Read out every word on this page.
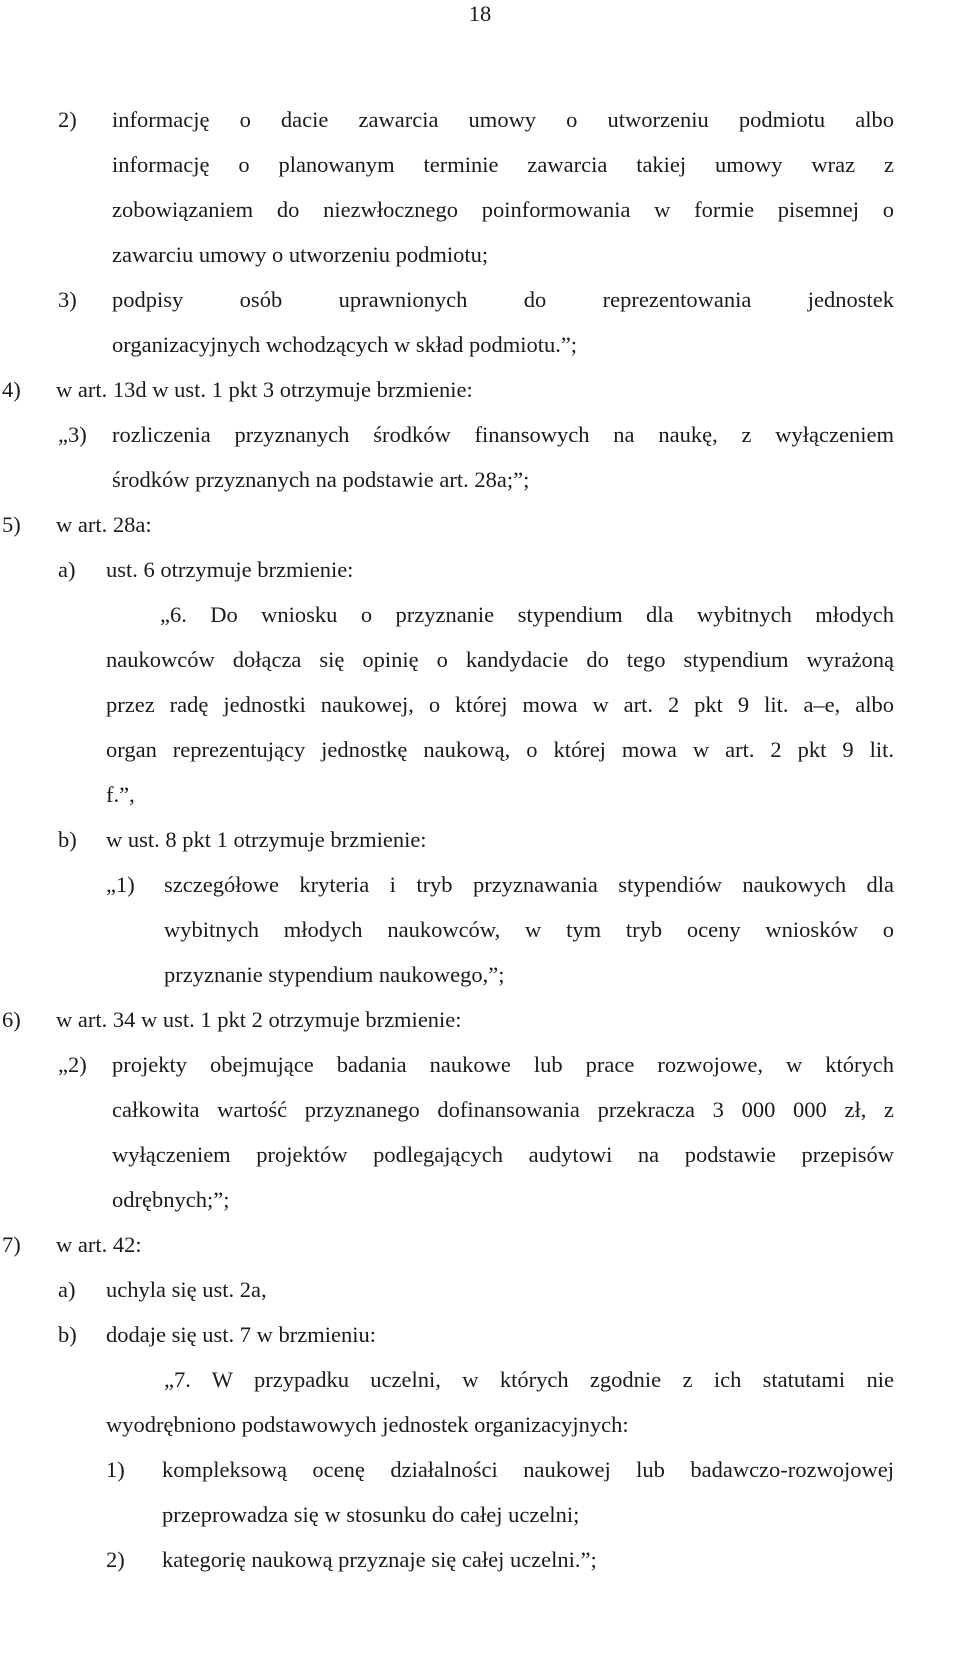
18
2) informację o dacie zawarcia umowy o utworzeniu podmiotu albo
informację o planowanym terminie zawarcia takiej umowy wraz z
zobowiązaniem do niezwłocznego poinformowania w formie pisemnej o
zawarciu umowy o utworzeniu podmiotu;
3) podpisy osób uprawnionych do reprezentowania jednostek
organizacyjnych wchodzących w skład podmiotu.”;
4) w art. 13d w ust. 1 pkt 3 otrzymuje brzmienie:
„3) rozliczenia przyznanych środków finansowych na naukę, z wyłączeniem
środków przyznanych na podstawie art. 28a;”;
5) w art. 28a:
a) ust. 6 otrzymuje brzmienie:
„6. Do wniosku o przyznanie stypendium dla wybitnych młodych
naukowców dołącza się opinię o kandydacie do tego stypendium wyrażoną
przez radę jednostki naukowej, o której mowa w art. 2 pkt 9 lit. a–e, albo
organ reprezentujący jednostkę naukową, o której mowa w art. 2 pkt 9 lit.
f.”,
b) w ust. 8 pkt 1 otrzymuje brzmienie:
„1) szczegółowe kryteria i tryb przyznawania stypendiów naukowych dla
wybitnych młodych naukowców, w tym tryb oceny wniosków o
przyznanie stypendium naukowego,”;
6) w art. 34 w ust. 1 pkt 2 otrzymuje brzmienie:
„2) projekty obejmujące badania naukowe lub prace rozwojowe, w których
całkowita wartość przyznanego dofinansowania przekracza 3 000 000 zł, z
wyłączeniem projektów podlegających audytowi na podstawie przepisów
odrębnych;”;
7) w art. 42:
a) uchyla się ust. 2a,
b) dodaje się ust. 7 w brzmieniu:
„7. W przypadku uczelni, w których zgodnie z ich statutami nie
wyodrębniono podstawowych jednostek organizacyjnych:
1) kompleksową ocenę działalności naukowej lub badawczo-rozwojowej
przeprowadza się w stosunku do całej uczelni;
2) kategorię naukową przyznaje się całej uczelni.”;
